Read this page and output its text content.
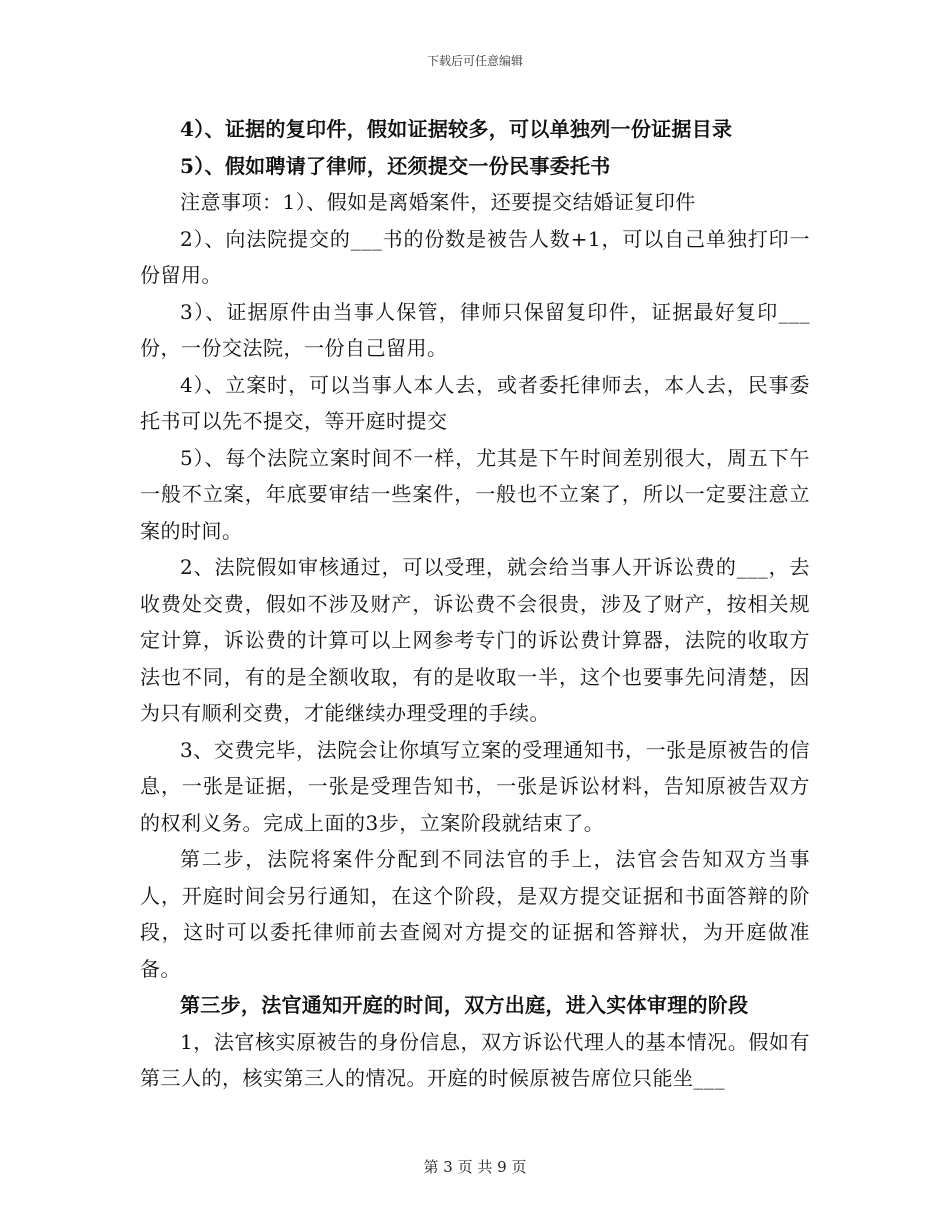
下载后可任意编辑

4）、证据的复印件，假如证据较多，可以单独列一份证据目录

5）、假如聘请了律师，还须提交一份民事委托书

注意事项：1）、假如是离婚案件，还要提交结婚证复印件

2）、向法院提交的___书的份数是被告人数+1，可以自己单独打印一份留用。

3）、证据原件由当事人保管，律师只保留复印件，证据最好复印___份，一份交法院，一份自己留用。

4）、立案时，可以当事人本人去，或者委托律师去，本人去，民事委托书可以先不提交，等开庭时提交

5）、每个法院立案时间不一样，尤其是下午时间差别很大，周五下午一般不立案，年底要审结一些案件，一般也不立案了，所以一定要注意立案的时间。

2、法院假如审核通过，可以受理，就会给当事人开诉讼费的___，去收费处交费，假如不涉及财产，诉讼费不会很贵，涉及了财产，按相关规定计算，诉讼费的计算可以上网参考专门的诉讼费计算器，法院的收取方法也不同，有的是全额收取，有的是收取一半，这个也要事先问清楚，因为只有顺利交费，才能继续办理受理的手续。

3、交费完毕，法院会让你填写立案的受理通知书，一张是原被告的信息，一张是证据，一张是受理告知书，一张是诉讼材料，告知原被告双方的权利义务。完成上面的3步，立案阶段就结束了。

第二步，法院将案件分配到不同法官的手上，法官会告知双方当事人，开庭时间会另行通知，在这个阶段，是双方提交证据和书面答辩的阶段，这时可以委托律师前去查阅对方提交的证据和答辩状，为开庭做准备。

第三步，法官通知开庭的时间，双方出庭，进入实体审理的阶段

1，法官核实原被告的身份信息，双方诉讼代理人的基本情况。假如有第三人的，核实第三人的情况。开庭的时候原被告席位只能坐___

第 3 页 共 9 页
